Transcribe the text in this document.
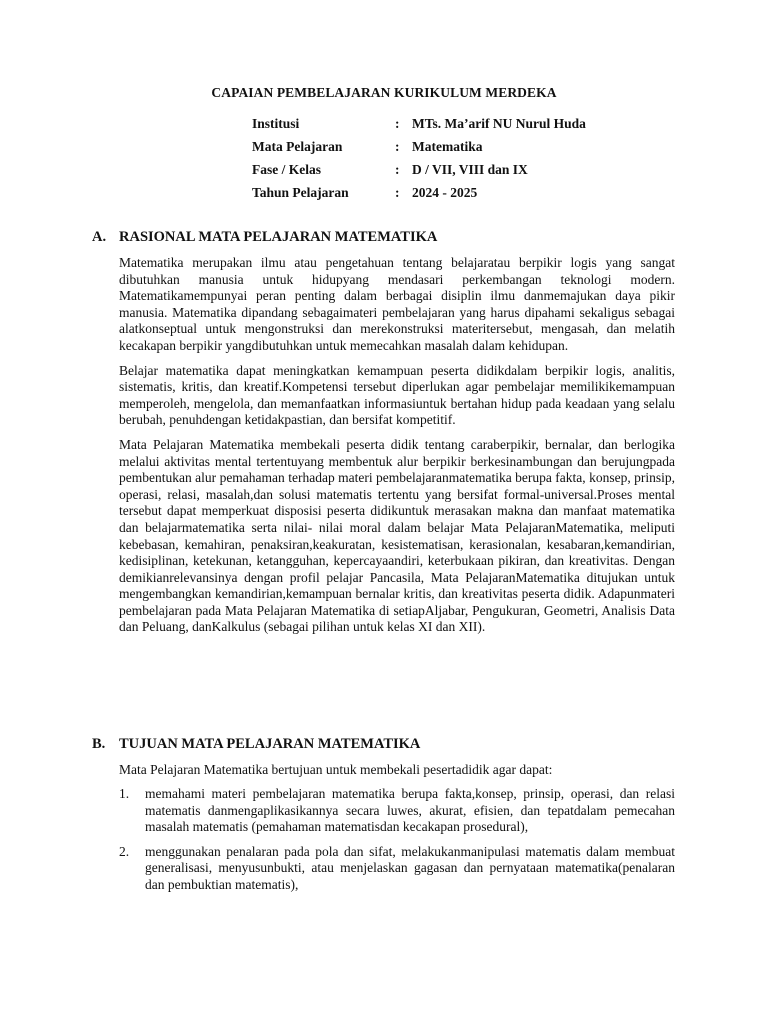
CAPAIAN PEMBELAJARAN KURIKULUM MERDEKA
Institusi	: MTs. Ma’arif NU Nurul Huda
Mata Pelajaran	: Matematika
Fase / Kelas	: D / VII, VIII dan IX
Tahun Pelajaran	: 2024 - 2025
A. RASIONAL MATA PELAJARAN MATEMATIKA

Matematika merupakan ilmu atau pengetahuan tentang belajaratau berpikir logis yang sangat dibutuhkan manusia untuk hidupyang mendasari perkembangan teknologi modern. Matematikamempunyai peran penting dalam berbagai disiplin ilmu danmemajukan daya pikir manusia. Matematika dipandang sebagaimateri pembelajaran yang harus dipahami sekaligus sebagai alatkonseptual untuk mengonstruksi dan merekonstruksi materitersebut, mengasah, dan melatih kecakapan berpikir yangdibutuhkan untuk memecahkan masalah dalam kehidupan.

Belajar matematika dapat meningkatkan kemampuan peserta didikdalam berpikir logis, analitis, sistematis, kritis, dan kreatif.Kompetensi tersebut diperlukan agar pembelajar memilikikemampuan memperoleh, mengelola, dan memanfaatkan informasiuntuk bertahan hidup pada keadaan yang selalu berubah, penuhdengan ketidakpastian, dan bersifat kompetitif.

Mata Pelajaran Matematika membekali peserta didik tentang caraberpikir, bernalar, dan berlogika melalui aktivitas mental tertentuyang membentuk alur berpikir berkesinambungan dan berujungpada pembentukan alur pemahaman terhadap materi pembelajaranmatematika berupa fakta, konsep, prinsip, operasi, relasi, masalah,dan solusi matematis tertentu yang bersifat formal-universal.Proses mental tersebut dapat memperkuat disposisi peserta didikuntuk merasakan makna dan manfaat matematika dan belajarmatematika serta nilai- nilai moral dalam belajar Mata PelajaranMatematika, meliputi kebebasan, kemahiran, penaksiran,keakuratan, kesistematisan, kerasionalan, kesabaran,kemandirian, kedisiplinan, ketekunan, ketangguhan, kepercayaandiri, keterbukaan pikiran, dan kreativitas. Dengan demikianrelevansinya dengan profil pelajar Pancasila, Mata PelajaranMatematika ditujukan untuk mengembangkan kemandirian,kemampuan bernalar kritis, dan kreativitas peserta didik. Adapunmateri pembelajaran pada Mata Pelajaran Matematika di setiapAljabar, Pengukuran, Geometri, Analisis Data dan Peluang, danKalkulus (sebagai pilihan untuk kelas XI dan XII).

B. TUJUAN MATA PELAJARAN MATEMATIKA

Mata Pelajaran Matematika bertujuan untuk membekali pesertadidik agar dapat:

1.	memahami materi pembelajaran matematika berupa fakta,konsep, prinsip, operasi, dan relasi matematis danmengaplikasikannya secara luwes, akurat, efisien, dan tepatdalam pemecahan masalah matematis (pemahaman matematisdan kecakapan prosedural),
2.	menggunakan penalaran pada pola dan sifat, melakukanmanipulasi matematis dalam membuat generalisasi, menyusunbukti, atau menjelaskan gagasan dan pernyataan matematika(penalaran dan pembuktian matematis),
